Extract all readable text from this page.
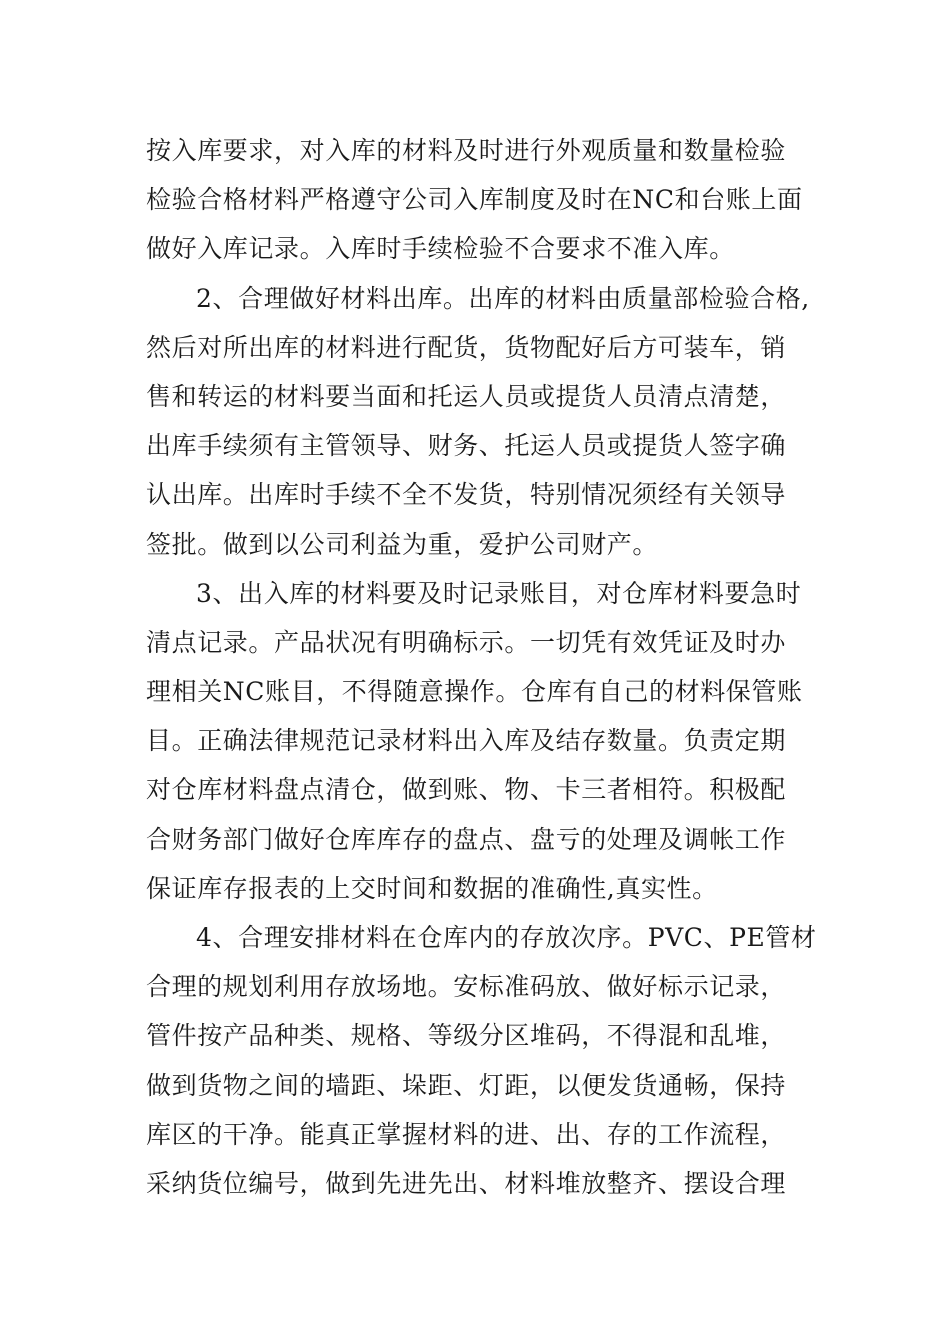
按入库要求，对入库的材料及时进行外观质量和数量检验
检验合格材料严格遵守公司入库制度及时在NC和台账上面
做好入库记录。入库时手续检验不合要求不准入库。
2、合理做好材料出库。出库的材料由质量部检验合格,
然后对所出库的材料进行配货，货物配好后方可装车，销
售和转运的材料要当面和托运人员或提货人员清点清楚，
出库手续须有主管领导、财务、托运人员或提货人签字确
认出库。出库时手续不全不发货，特别情况须经有关领导
签批。做到以公司利益为重，爱护公司财产。
3、出入库的材料要及时记录账目，对仓库材料要急时
清点记录。产品状况有明确标示。一切凭有效凭证及时办
理相关NC账目，不得随意操作。仓库有自己的材料保管账
目。正确法律规范记录材料出入库及结存数量。负责定期
对仓库材料盘点清仓，做到账、物、卡三者相符。积极配
合财务部门做好仓库库存的盘点、盘亏的处理及调帐工作
保证库存报表的上交时间和数据的准确性,真实性。
4、合理安排材料在仓库内的存放次序。PVC、PE管材
合理的规划利用存放场地。安标准码放、做好标示记录，
管件按产品种类、规格、等级分区堆码，不得混和乱堆，
做到货物之间的墙距、垛距、灯距，以便发货通畅，保持
库区的干净。能真正掌握材料的进、出、存的工作流程，
采纳货位编号，做到先进先出、材料堆放整齐、摆设合理
